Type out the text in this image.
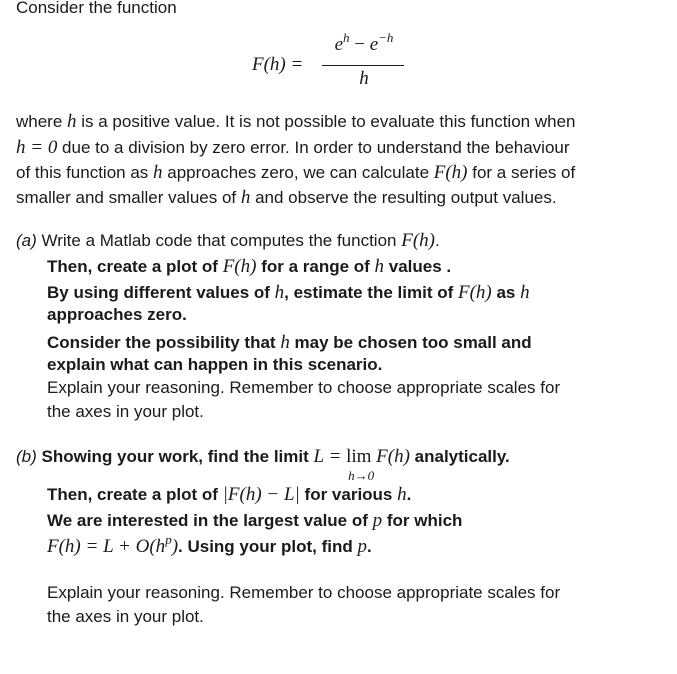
Consider the function
F(h) =
$e^h - e^{-h}$
h
where h is a positive value. It is not possible to evaluate this function when
h = 0 due to a division by zero error. In order to understand the behaviour
of this function as h approaches zero, we can calculate F(h) for a series of
smaller and smaller values of h and observe the resulting output values.
(a) Write a Matlab code that computes the function F(h).
Then, create a plot of F(h) for a range of h values .
By using different values of h, estimate the limit of F(h) as h
approaches zero.
Consider the possibility that h may be chosen too small and
explain what can happen in this scenario.
Explain your reasoning. Remember to choose appropriate scales for
the axes in your plot.
(b) Showing your work, find the limit L = lim
h→0
F(h) analytically.
Then, create a plot of |F(h) − L| for various h.
We are interested in the largest value of p for which
$F(h) = L + O(h^p)$. Using your plot, find p.
Explain your reasoning. Remember to choose appropriate scales for
the axes in your plot.
